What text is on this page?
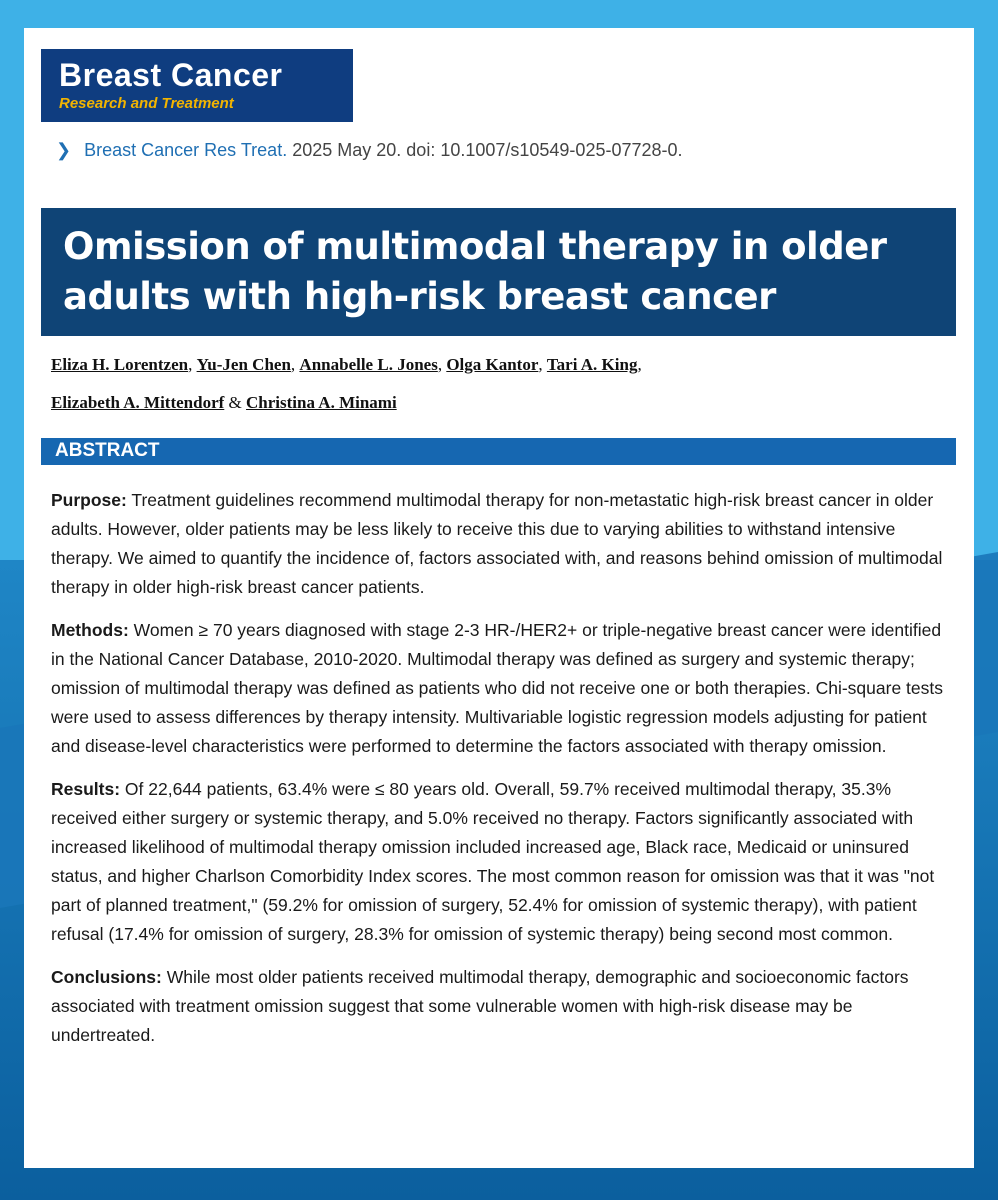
Breast Cancer
Research and Treatment
❯ Breast Cancer Res Treat. 2025 May 20. doi: 10.1007/s10549-025-07728-0.
Omission of multimodal therapy in older adults with high-risk breast cancer
Eliza H. Lorentzen, Yu-Jen Chen, Annabelle L. Jones, Olga Kantor, Tari A. King,
Elizabeth A. Mittendorf & Christina A. Minami
ABSTRACT

Purpose: Treatment guidelines recommend multimodal therapy for non-metastatic high-risk breast cancer in older adults. However, older patients may be less likely to receive this due to varying abilities to withstand intensive therapy. We aimed to quantify the incidence of, factors associated with, and reasons behind omission of multimodal therapy in older high-risk breast cancer patients.

Methods: Women ≥ 70 years diagnosed with stage 2-3 HR-/HER2+ or triple-negative breast cancer were identified in the National Cancer Database, 2010-2020. Multimodal therapy was defined as surgery and systemic therapy; omission of multimodal therapy was defined as patients who did not receive one or both therapies. Chi-square tests were used to assess differences by therapy intensity. Multivariable logistic regression models adjusting for patient and disease-level characteristics were performed to determine the factors associated with therapy omission.

Results: Of 22,644 patients, 63.4% were ≤ 80 years old. Overall, 59.7% received multimodal therapy, 35.3% received either surgery or systemic therapy, and 5.0% received no therapy. Factors significantly associated with increased likelihood of multimodal therapy omission included increased age, Black race, Medicaid or uninsured status, and higher Charlson Comorbidity Index scores. The most common reason for omission was that it was "not part of planned treatment," (59.2% for omission of surgery, 52.4% for omission of systemic therapy), with patient refusal (17.4% for omission of surgery, 28.3% for omission of systemic therapy) being second most common.

Conclusions: While most older patients received multimodal therapy, demographic and socioeconomic factors associated with treatment omission suggest that some vulnerable women with high-risk disease may be undertreated.
